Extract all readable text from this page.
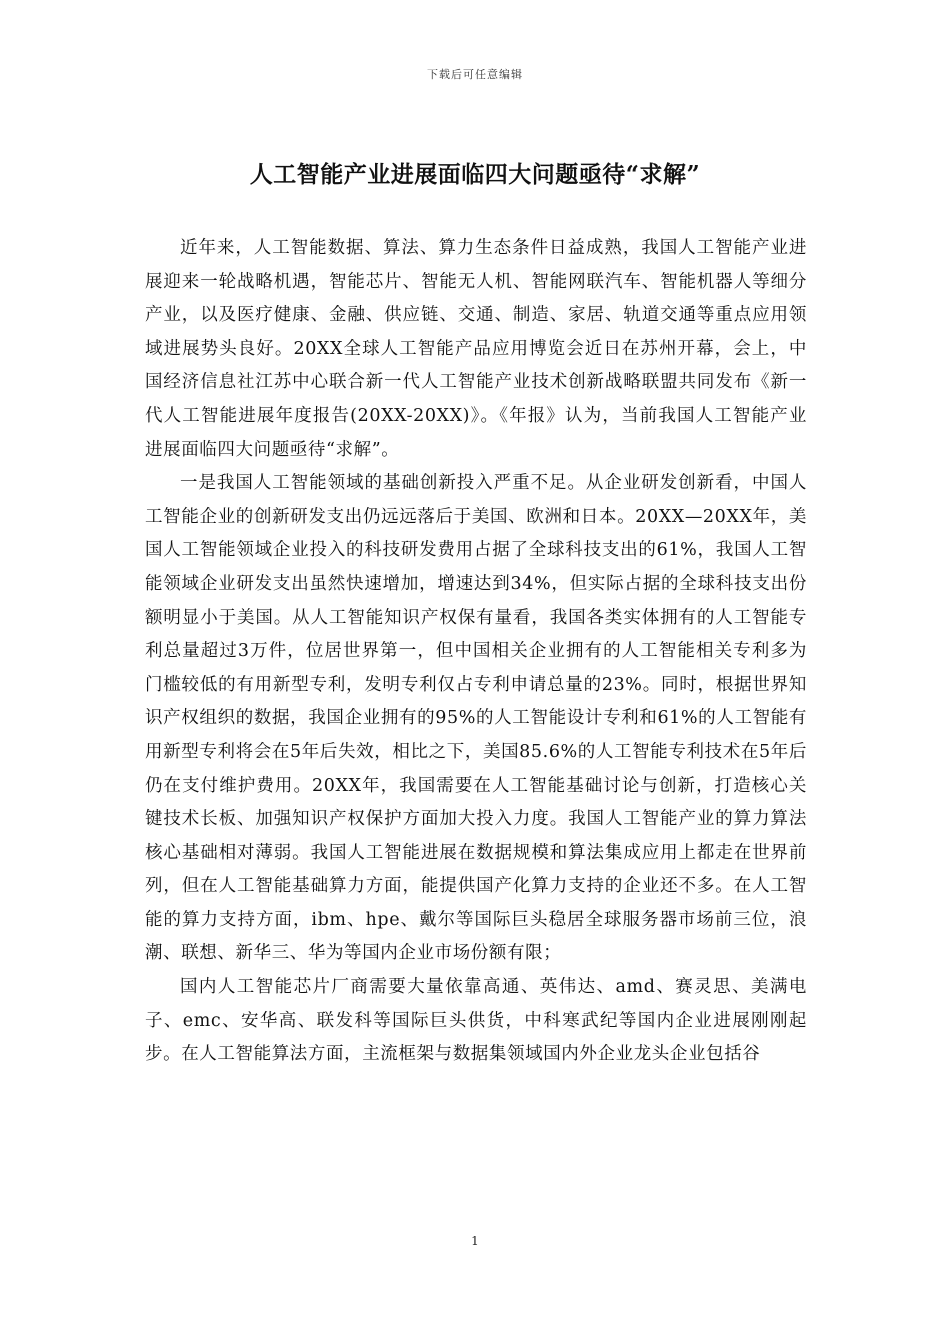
下载后可任意编辑
人工智能产业进展面临四大问题亟待“求解”

近年来，人工智能数据、算法、算力生态条件日益成熟，我国人工智能产业进展迎来一轮战略机遇，智能芯片、智能无人机、智能网联汽车、智能机器人等细分产业，以及医疗健康、金融、供应链、交通、制造、家居、轨道交通等重点应用领域进展势头良好。20XX全球人工智能产品应用博览会近日在苏州开幕，会上，中国经济信息社江苏中心联合新一代人工智能产业技术创新战略联盟共同发布《新一代人工智能进展年度报告(20XX-20XX)》。《年报》认为，当前我国人工智能产业进展面临四大问题亟待“求解”。

一是我国人工智能领域的基础创新投入严重不足。从企业研发创新看，中国人工智能企业的创新研发支出仍远远落后于美国、欧洲和日本。20XX—20XX年，美国人工智能领域企业投入的科技研发费用占据了全球科技支出的61%，我国人工智能领域企业研发支出虽然快速增加，增速达到34%，但实际占据的全球科技支出份额明显小于美国。从人工智能知识产权保有量看，我国各类实体拥有的人工智能专利总量超过3万件，位居世界第一，但中国相关企业拥有的人工智能相关专利多为门槛较低的有用新型专利，发明专利仅占专利申请总量的23%。同时，根据世界知识产权组织的数据，我国企业拥有的95%的人工智能设计专利和61%的人工智能有用新型专利将会在5年后失效，相比之下，美国85.6%的人工智能专利技术在5年后仍在支付维护费用。20XX年，我国需要在人工智能基础讨论与创新，打造核心关键技术长板、加强知识产权保护方面加大投入力度。我国人工智能产业的算力算法核心基础相对薄弱。我国人工智能进展在数据规模和算法集成应用上都走在世界前列，但在人工智能基础算力方面，能提供国产化算力支持的企业还不多。在人工智能的算力支持方面，ibm、hpe、戴尔等国际巨头稳居全球服务器市场前三位，浪潮、联想、新华三、华为等国内企业市场份额有限；

国内人工智能芯片厂商需要大量依靠高通、英伟达、amd、赛灵思、美满电子、emc、安华高、联发科等国际巨头供货，中科寒武纪等国内企业进展刚刚起步。在人工智能算法方面，主流框架与数据集领域国内外企业龙头企业包括谷

1
